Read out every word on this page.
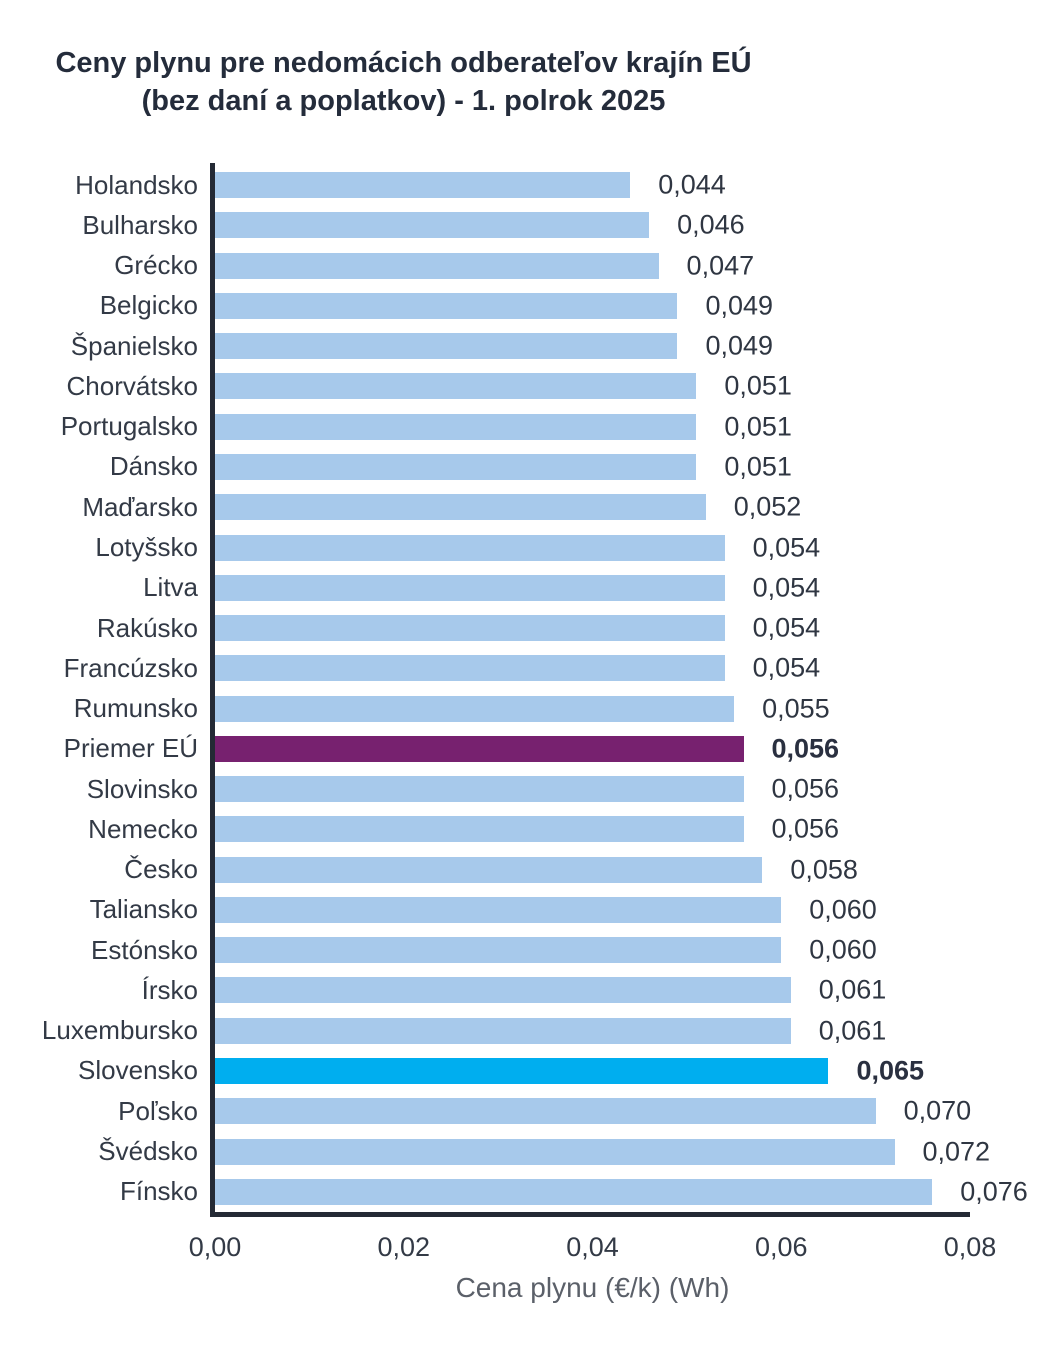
Ceny plynu pre nedomácich odberateľov krajín EÚ
(bez daní a poplatkov) - 1. polrok 2025
Holandsko	0,044
Bulharsko	0,046
Grécko	0,047
Belgicko	0,049
Španielsko	0,049
Chorvátsko	0,051
Portugalsko	0,051
Dánsko	0,051
Maďarsko	0,052
Lotyšsko	0,054
Litva	0,054
Rakúsko	0,054
Francúzsko	0,054
Rumunsko	0,055
Priemer EÚ	0,056
Slovinsko	0,056
Nemecko	0,056
Česko	0,058
Taliansko	0,060
Estónsko	0,060
Írsko	0,061
Luxembursko	0,061
Slovensko	0,065
Poľsko	0,070
Švédsko	0,072
Fínsko	0,076
0,00	0,02	0,04	0,06	0,08
Cena plynu (€/k) (Wh)
